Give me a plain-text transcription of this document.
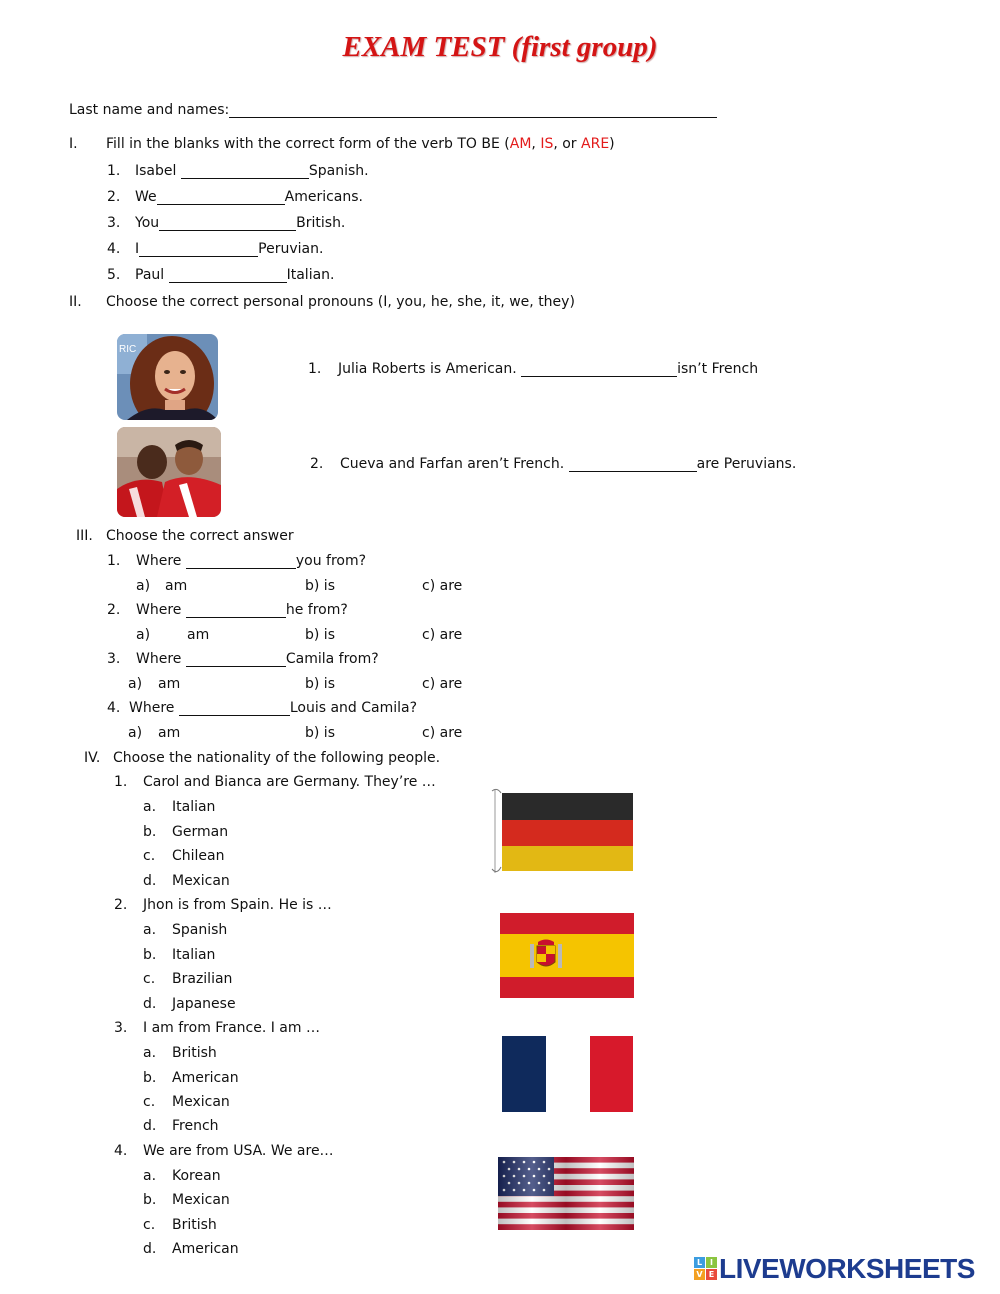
EXAM TEST (first group)
Last name and names:
I. Fill in the blanks with the correct form of the verb TO BE (AM, IS, or ARE)
1. Isabel	Spanish.
2. We	Americans.
3. You	British.
4. I	Peruvian.
5. Paul	Italian.
II. Choose the correct personal pronouns (I, you, he, she, it, we, they)
RIC
1. Julia Roberts is American.	isn’t French
2. Cueva and Farfan aren’t French.	are Peruvians.
III. Choose the correct answer
1. Where	you from?
a) am	b) is	c) are
2. Where	he from?
a)	am	b) is	c) are
3. Where	Camila from?
a) am	b) is	c) are
4. Where	Louis and Camila?
a) am	b) is	c) are
IV. Choose the nationality of the following people.
1. Carol and Bianca are Germany. They’re …
a. Italian
b. German
c. Chilean
d. Mexican
2. Jhon is from Spain. He is …
a. Spanish
b. Italian
c. Brazilian
d. Japanese
3. I am from France. I am …
a. British
b. American
c. Mexican
d. French
4. We are from USA. We are…
a. Korean
b. Mexican
c. British
d. American
L I
V E LIVEWORKSHEETS
